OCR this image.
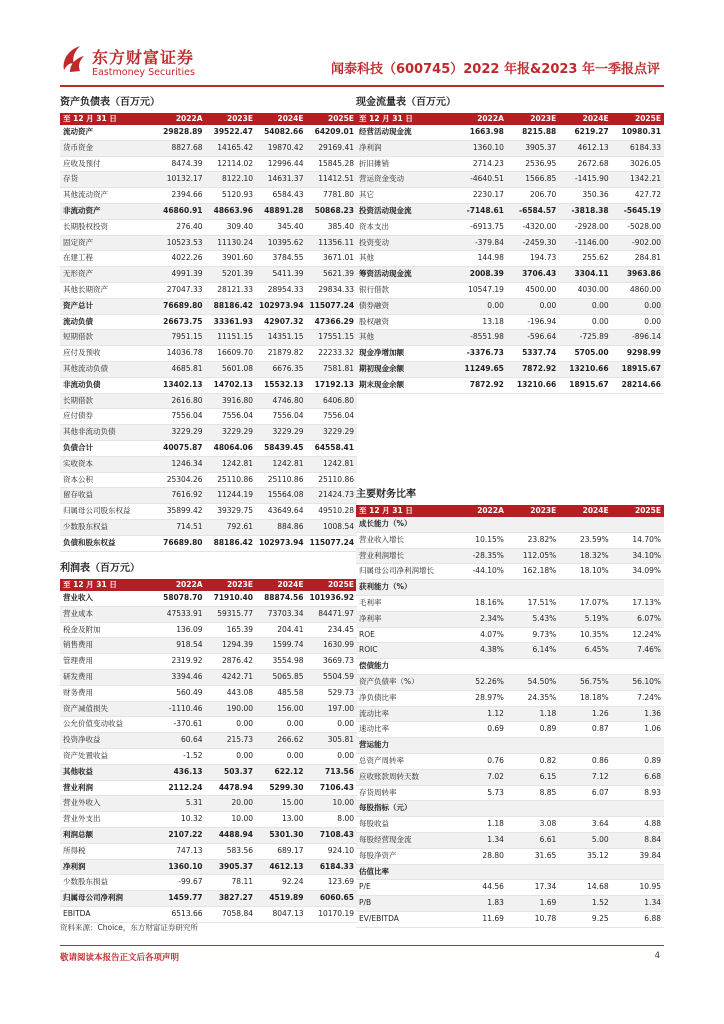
东方财富证券
Eastmoney Securities	闻泰科技（600745）2022 年报&2023 年一季报点评
资产负债表（百万元）
至 12 月 31 日	2022A	2023E	2024E	2025E
流动资产	29828.89	39522.47	54082.66	64209.01
货币资金	8827.68	14165.42	19870.42	29169.41
应收及预付	8474.39	12114.02	12996.44	15845.28
存货	10132.17	8122.10	14631.37	11412.51
其他流动资产	2394.66	5120.93	6584.43	7781.80
非流动资产	46860.91	48663.96	48891.28	50868.23
长期股权投资	276.40	309.40	345.40	385.40
固定资产	10523.53	11130.24	10395.62	11356.11
在建工程	4022.26	3901.60	3784.55	3671.01
无形资产	4991.39	5201.39	5411.39	5621.39
其他长期资产	27047.33	28121.33	28954.33	29834.33
资产总计	76689.80	88186.42	102973.94	115077.24
流动负债	26673.75	33361.93	42907.32	47366.29
短期借款	7951.15	11151.15	14351.15	17551.15
应付及预收	14036.78	16609.70	21879.82	22233.32
其他流动负债	4685.81	5601.08	6676.35	7581.81
非流动负债	13402.13	14702.13	15532.13	17192.13
长期借款	2616.80	3916.80	4746.80	6406.80
应付债券	7556.04	7556.04	7556.04	7556.04
其他非流动负债	3229.29	3229.29	3229.29	3229.29
负债合计	40075.87	48064.06	58439.45	64558.41
实收资本	1246.34	1242.81	1242.81	1242.81
资本公积	25304.26	25110.86	25110.86	25110.86
留存收益	7616.92	11244.19	15564.08	21424.73
归属母公司股东权益	35899.42	39329.75	43649.64	49510.28
少数股东权益	714.51	792.61	884.86	1008.54
负债和股东权益	76689.80	88186.42	102973.94	115077.24
现金流量表（百万元）
至 12 月 31 日	2022A	2023E	2024E	2025E
经营活动现金流	1663.98	8215.88	6219.27	10980.31
净利润	1360.10	3905.37	4612.13	6184.33
折旧摊销	2714.23	2536.95	2672.68	3026.05
营运资金变动	-4640.51	1566.85	-1415.90	1342.21
其它	2230.17	206.70	350.36	427.72
投资活动现金流	-7148.61	-6584.57	-3818.38	-5645.19
资本支出	-6913.75	-4320.00	-2928.00	-5028.00
投资变动	-379.84	-2459.30	-1146.00	-902.00
其他	144.98	194.73	255.62	284.81
筹资活动现金流	2008.39	3706.43	3304.11	3963.86
银行借款	10547.19	4500.00	4030.00	4860.00
债券融资	0.00	0.00	0.00	0.00
股权融资	13.18	-196.94	0.00	0.00
其他	-8551.98	-596.64	-725.89	-896.14
现金净增加额	-3376.73	5337.74	5705.00	9298.99
期初现金余额	11249.65	7872.92	13210.66	18915.67
期末现金余额	7872.92	13210.66	18915.67	28214.66
利润表（百万元）
至 12 月 31 日	2022A	2023E	2024E	2025E
营业收入	58078.70	71910.40	88874.56	101936.92
营业成本	47533.91	59315.77	73703.34	84471.97
税金及附加	136.09	165.39	204.41	234.45
销售费用	918.54	1294.39	1599.74	1630.99
管理费用	2319.92	2876.42	3554.98	3669.73
研发费用	3394.46	4242.71	5065.85	5504.59
财务费用	560.49	443.08	485.58	529.73
资产减值损失	-1110.46	190.00	156.00	197.00
公允价值变动收益	-370.61	0.00	0.00	0.00
投资净收益	60.64	215.73	266.62	305.81
资产处置收益	-1.52	0.00	0.00	0.00
其他收益	436.13	503.37	622.12	713.56
营业利润	2112.24	4478.94	5299.30	7106.43
营业外收入	5.31	20.00	15.00	10.00
营业外支出	10.32	10.00	13.00	8.00
利润总额	2107.22	4488.94	5301.30	7108.43
所得税	747.13	583.56	689.17	924.10
净利润	1360.10	3905.37	4612.13	6184.33
少数股东损益	-99.67	78.11	92.24	123.69
归属母公司净利润	1459.77	3827.27	4519.89	6060.65
EBITDA	6513.66	7058.84	8047.13	10170.19
主要财务比率
至 12 月 31 日	2022A	2023E	2024E	2025E
成长能力（%）				
营业收入增长	10.15%	23.82%	23.59%	14.70%
营业利润增长	-28.35%	112.05%	18.32%	34.10%
归属母公司净利润增长	-44.10%	162.18%	18.10%	34.09%
获利能力（%）				
毛利率	18.16%	17.51%	17.07%	17.13%
净利率	2.34%	5.43%	5.19%	6.07%
ROE	4.07%	9.73%	10.35%	12.24%
ROIC	4.38%	6.14%	6.45%	7.46%
偿债能力				
资产负债率（%）	52.26%	54.50%	56.75%	56.10%
净负债比率	28.97%	24.35%	18.18%	7.24%
流动比率	1.12	1.18	1.26	1.36
速动比率	0.69	0.89	0.87	1.06
营运能力				
总资产周转率	0.76	0.82	0.86	0.89
应收账款周转天数	7.02	6.15	7.12	6.68
存货周转率	5.73	8.85	6.07	8.93
每股指标（元）				
每股收益	1.18	3.08	3.64	4.88
每股经营现金流	1.34	6.61	5.00	8.84
每股净资产	28.80	31.65	35.12	39.84
估值比率				
P/E	44.56	17.34	14.68	10.95
P/B	1.83	1.69	1.52	1.34
EV/EBITDA	11.69	10.78	9.25	6.88
资料来源：Choice，东方财富证券研究所
敬请阅读本报告正文后各项声明	4
